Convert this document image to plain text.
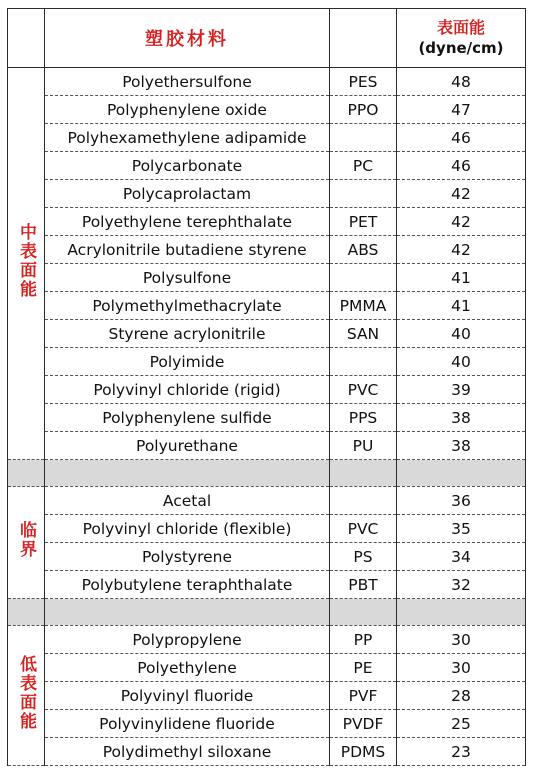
	塑胶材料		表面能
(dyne/cm)

中表面能	Polyethersulfone	PES	48
	Polyphenylene oxide	PPO	47
	Polyhexamethylene adipamide		46
	Polycarbonate	PC	46
	Polycaprolactam		42
	Polyethylene terephthalate	PET	42
	Acrylonitrile butadiene styrene	ABS	42
	Polysulfone		41
	Polymethylmethacrylate	PMMA	41
	Styrene acrylonitrile	SAN	40
	Polyimide		40
	Polyvinyl chloride (rigid)	PVC	39
	Polyphenylene sulfide	PPS	38
	Polyurethane	PU	38

临界	Acetal		36
	Polyvinyl chloride (flexible)	PVC	35
	Polystyrene	PS	34
	Polybutylene teraphthalate	PBT	32

低表面能	Polypropylene	PP	30
	Polyethylene	PE	30
	Polyvinyl fluoride	PVF	28
	Polyvinylidene fluoride	PVDF	25
	Polydimethyl siloxane	PDMS	23
